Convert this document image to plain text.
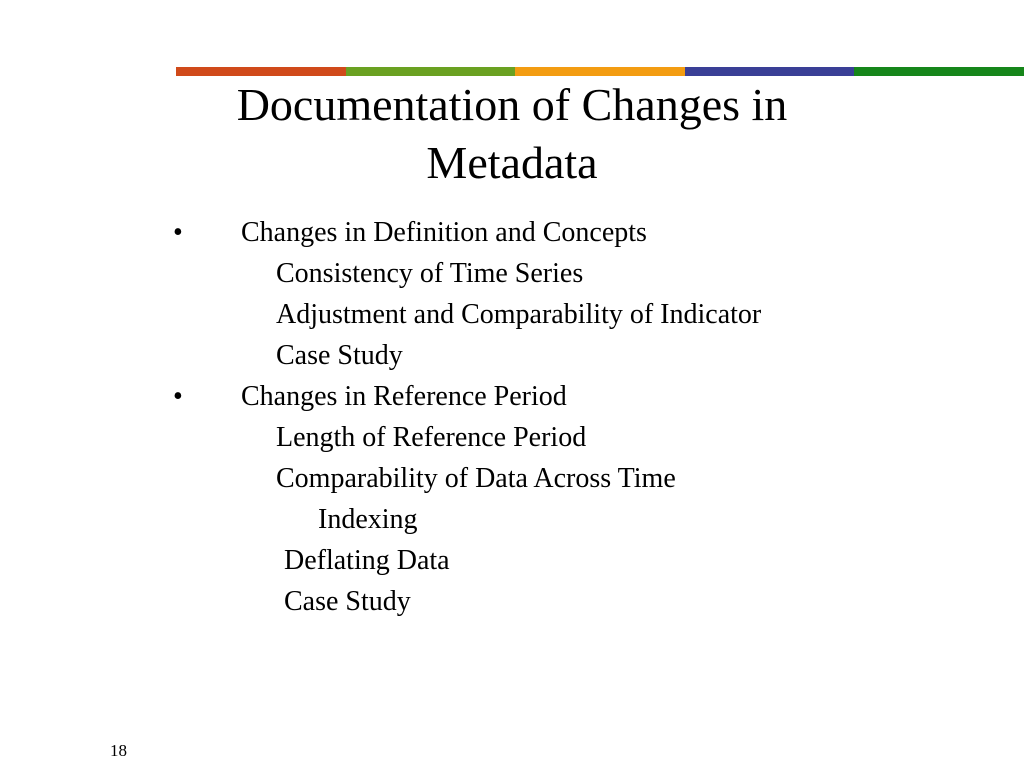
Documentation of Changes in Metadata
• Changes in Definition and Concepts
Consistency of Time Series
Adjustment and Comparability of Indicator
Case Study
• Changes in Reference Period
Length of Reference Period
Comparability of Data Across Time
Indexing
Deflating Data
Case Study
18
